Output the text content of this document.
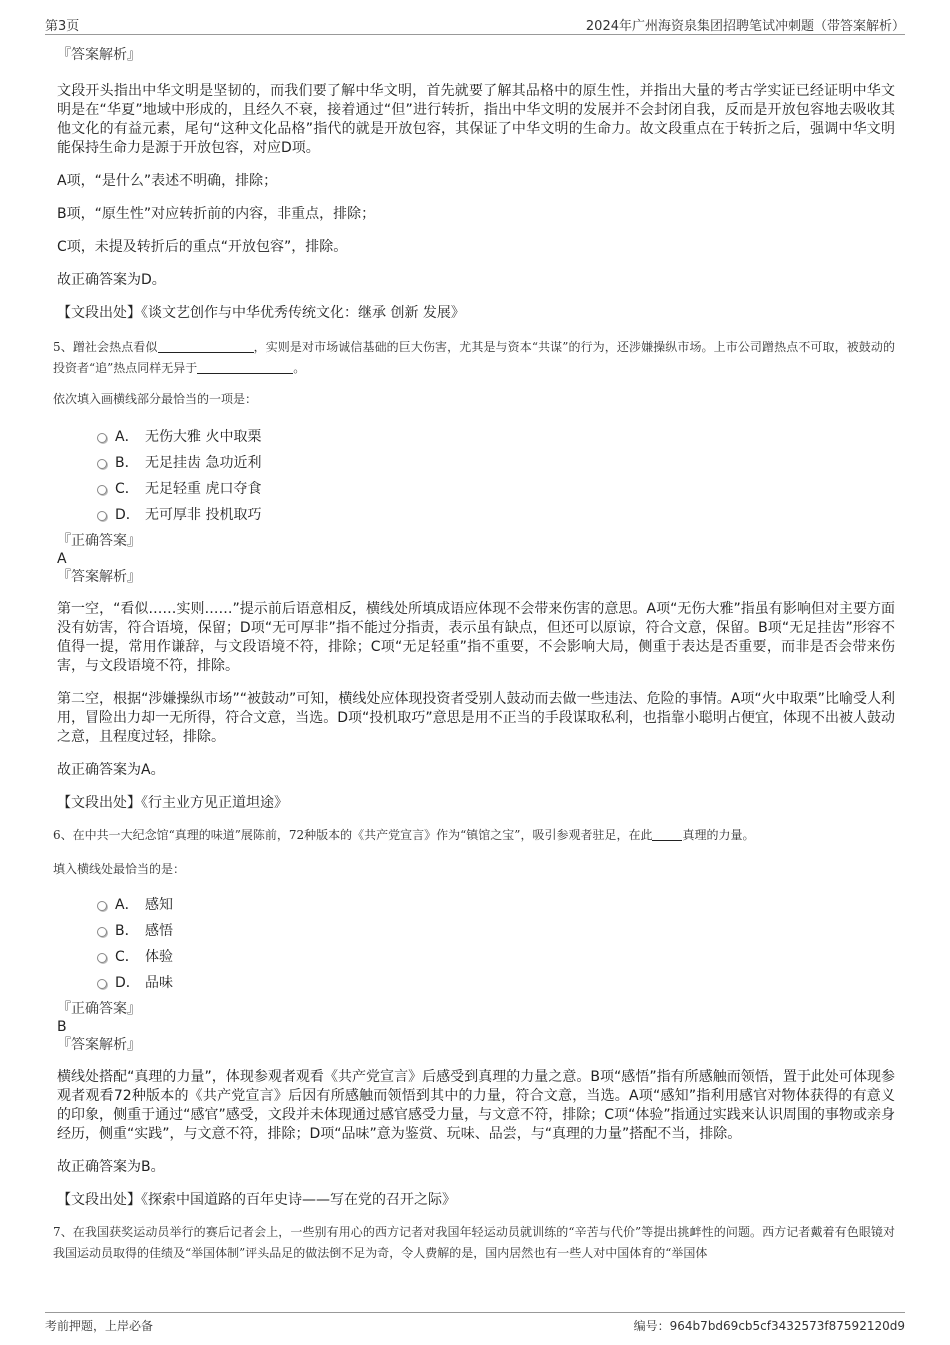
第3页	2024年广州海资泉集团招聘笔试冲刺题（带答案解析）

『答案解析』

文段开头指出中华文明是坚韧的，而我们要了解中华文明，首先就要了解其品格中的原生性，并指出大量的考古学实证已经证明中华文明是在“华夏”地域中形成的，且经久不衰，接着通过“但”进行转折，指出中华文明的发展并不会封闭自我，反而是开放包容地去吸收其他文化的有益元素，尾句“这种文化品格”指代的就是开放包容，其保证了中华文明的生命力。故文段重点在于转折之后，强调中华文明能保持生命力是源于开放包容，对应D项。

A项，“是什么”表述不明确，排除；

B项，“原生性”对应转折前的内容，非重点，排除；

C项，未提及转折后的重点“开放包容”，排除。

故正确答案为D。

【文段出处】《谈文艺创作与中华优秀传统文化：继承 创新 发展》

5、蹭社会热点看似	，实则是对市场诚信基础的巨大伤害，尤其是与资本“共谋”的行为，还涉嫌操纵市场。上市公司蹭热点不可取，被鼓动的投资者“追”热点同样无异于	。

依次填入画横线部分最恰当的一项是：

A． 无伤大雅 火中取栗
B． 无足挂齿 急功近利
C． 无足轻重 虎口夺食
D． 无可厚非 投机取巧

『正确答案』

A

『答案解析』

第一空，“看似……实则……”提示前后语意相反，横线处所填成语应体现不会带来伤害的意思。A项“无伤大雅”指虽有影响但对主要方面没有妨害，符合语境，保留；D项“无可厚非”指不能过分指责，表示虽有缺点，但还可以原谅，符合文意，保留。B项“无足挂齿”形容不值得一提，常用作谦辞，与文段语境不符，排除；C项“无足轻重”指不重要，不会影响大局，侧重于表达是否重要，而非是否会带来伤害，与文段语境不符，排除。

第二空，根据“涉嫌操纵市场”“被鼓动”可知，横线处应体现投资者受别人鼓动而去做一些违法、危险的事情。A项“火中取栗”比喻受人利用，冒险出力却一无所得，符合文意，当选。D项“投机取巧”意思是用不正当的手段谋取私利，也指靠小聪明占便宜，体现不出被人鼓动之意，且程度过轻，排除。

故正确答案为A。

【文段出处】《行主业方见正道坦途》

6、在中共一大纪念馆“真理的味道”展陈前，72种版本的《共产党宣言》作为“镇馆之宝”，吸引参观者驻足，在此	真理的力量。

填入横线处最恰当的是：

A． 感知
B． 感悟
C． 体验
D． 品味

『正确答案』

B

『答案解析』

横线处搭配“真理的力量”，体现参观者观看《共产党宣言》后感受到真理的力量之意。B项“感悟”指有所感触而领悟，置于此处可体现参观者观看72种版本的《共产党宣言》后因有所感触而领悟到其中的力量，符合文意，当选。A项“感知”指利用感官对物体获得的有意义的印象，侧重于通过“感官”感受，文段并未体现通过感官感受力量，与文意不符，排除；C项“体验”指通过实践来认识周围的事物或亲身经历，侧重“实践”，与文意不符，排除；D项“品味”意为鉴赏、玩味、品尝，与“真理的力量”搭配不当，排除。

故正确答案为B。

【文段出处】《探索中国道路的百年史诗——写在党的召开之际》

7、在我国获奖运动员举行的赛后记者会上，一些别有用心的西方记者对我国年轻运动员就训练的“辛苦与代价”等提出挑衅性的问题。西方记者戴着有色眼镜对我国运动员取得的佳绩及“举国体制”评头品足的做法倒不足为奇，令人费解的是，国内居然也有一些人对中国体育的“举国体

考前押题，上岸必备	编号：964b7bd69cb5cf3432573f87592120d9
